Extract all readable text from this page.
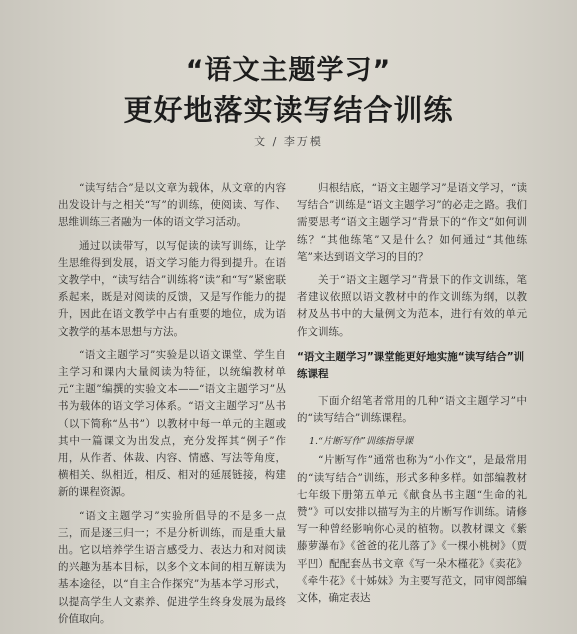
“语文主题学习”
更好地落实读写结合训练
文 / 李万模

“读写结合”是以文章为载体，从文章的内容出发设计与之相关“写”的训练，使阅读、写作、思维训练三者融为一体的语文学习活动。

通过以读带写，以写促读的读写训练，让学生思维得到发展，语文学习能力得到提升。在语文教学中，“读写结合”训练将“读”和“写”紧密联系起来，既是对阅读的反馈，又是写作能力的提升，因此在语文教学中占有重要的地位，成为语文教学的基本思想与方法。

“语文主题学习”实验是以语文课堂、学生自主学习和课内大量阅读为特征，以统编教材单元“主题”编撰的实验文本——“语文主题学习”丛书为载体的语文学习体系。“语文主题学习”丛书（以下简称“丛书”）以教材中每一单元的主题或其中一篇课文为出发点，充分发挥其“例子”作用，从作者、体裁、内容、情感、写法等角度，横相关、纵相近，相反、相对的延展链接，构建新的课程资源。

“语文主题学习”实验所倡导的不是多一点三，而是逐三归一；不是分析训练，而是重大量出。它以培养学生语言感受力、表达力和对阅读的兴趣为基本目标，以多个文本间的相互解读为基本途径，以“自主合作探究”为基本学习形式，以提高学生人文素养、促进学生终身发展为最终价值取向。

归根结底，“语文主题学习”是语文学习，“读写结合”训练是“语文主题学习”的必走之路。我们需要思考“语文主题学习”背景下的“作文”如何训练？“其他练笔”又是什么？如何通过“其他练笔”来达到语文学习的目的？

关于“语文主题学习”背景下的作文训练，笔者建议依照以语文教材中的作文训练为纲，以教材及丛书中的大量例文为范本，进行有效的单元作文训练。

“语文主题学习”课堂能更好地实施“读写结合”训练课程

下面介绍笔者常用的几种“语文主题学习”中的“读写结合”训练课程。

1.“片断写作”训练指导课

“片断写作”通常也称为“小作文”，是最常用的“读写结合”训练，形式多种多样。如部编教材七年级下册第五单元《献食丛书主题“生命的礼赞”》可以安排以描写为主的片断写作训练。请修写一种曾经影响你心灵的植物。以教材课文《紫藤萝瀑布》《爸爸的花儿落了》《一棵小桃树》（贾平凹）配配套丛书文章《写一朵木槿花》《卖花》《牵牛花》《十姊妹》为主要写范文，同审阅部编文体，确定表达
